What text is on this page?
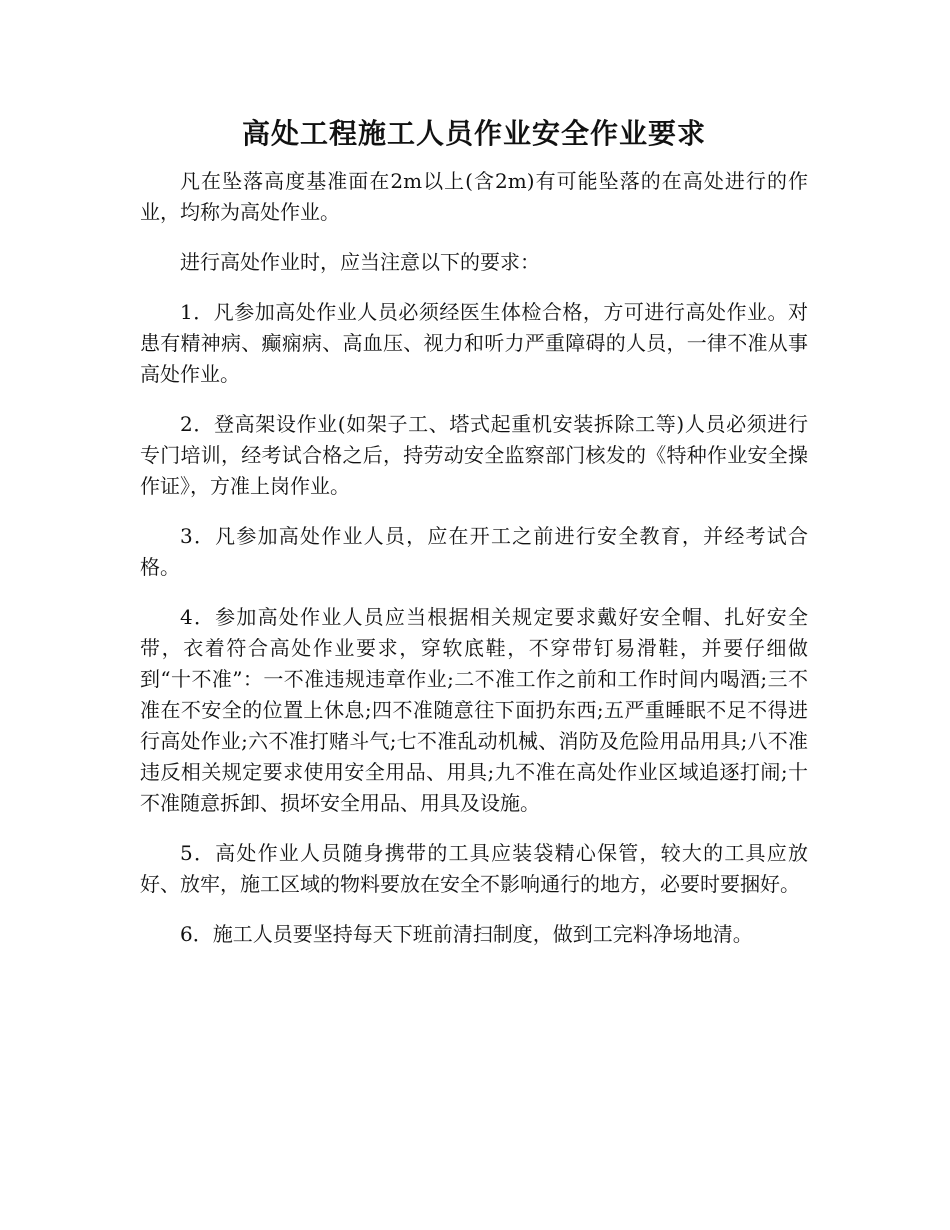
高处工程施工人员作业安全作业要求

凡在坠落高度基准面在2m以上(含2m)有可能坠落的在高处进行的作业，均称为高处作业。

进行高处作业时，应当注意以下的要求：

1．凡参加高处作业人员必须经医生体检合格，方可进行高处作业。对患有精神病、癫痫病、高血压、视力和听力严重障碍的人员，一律不准从事高处作业。

2．登高架设作业(如架子工、塔式起重机安装拆除工等)人员必须进行专门培训，经考试合格之后，持劳动安全监察部门核发的《特种作业安全操作证》，方准上岗作业。

3．凡参加高处作业人员，应在开工之前进行安全教育，并经考试合格。

4．参加高处作业人员应当根据相关规定要求戴好安全帽、扎好安全带，衣着符合高处作业要求，穿软底鞋，不穿带钉易滑鞋，并要仔细做到“十不准”：一不准违规违章作业;二不准工作之前和工作时间内喝酒;三不准在不安全的位置上休息;四不准随意往下面扔东西;五严重睡眠不足不得进行高处作业;六不准打赌斗气;七不准乱动机械、消防及危险用品用具;八不准违反相关规定要求使用安全用品、用具;九不准在高处作业区域追逐打闹;十不准随意拆卸、损坏安全用品、用具及设施。

5．高处作业人员随身携带的工具应装袋精心保管，较大的工具应放好、放牢，施工区域的物料要放在安全不影响通行的地方，必要时要捆好。

6．施工人员要坚持每天下班前清扫制度，做到工完料净场地清。
